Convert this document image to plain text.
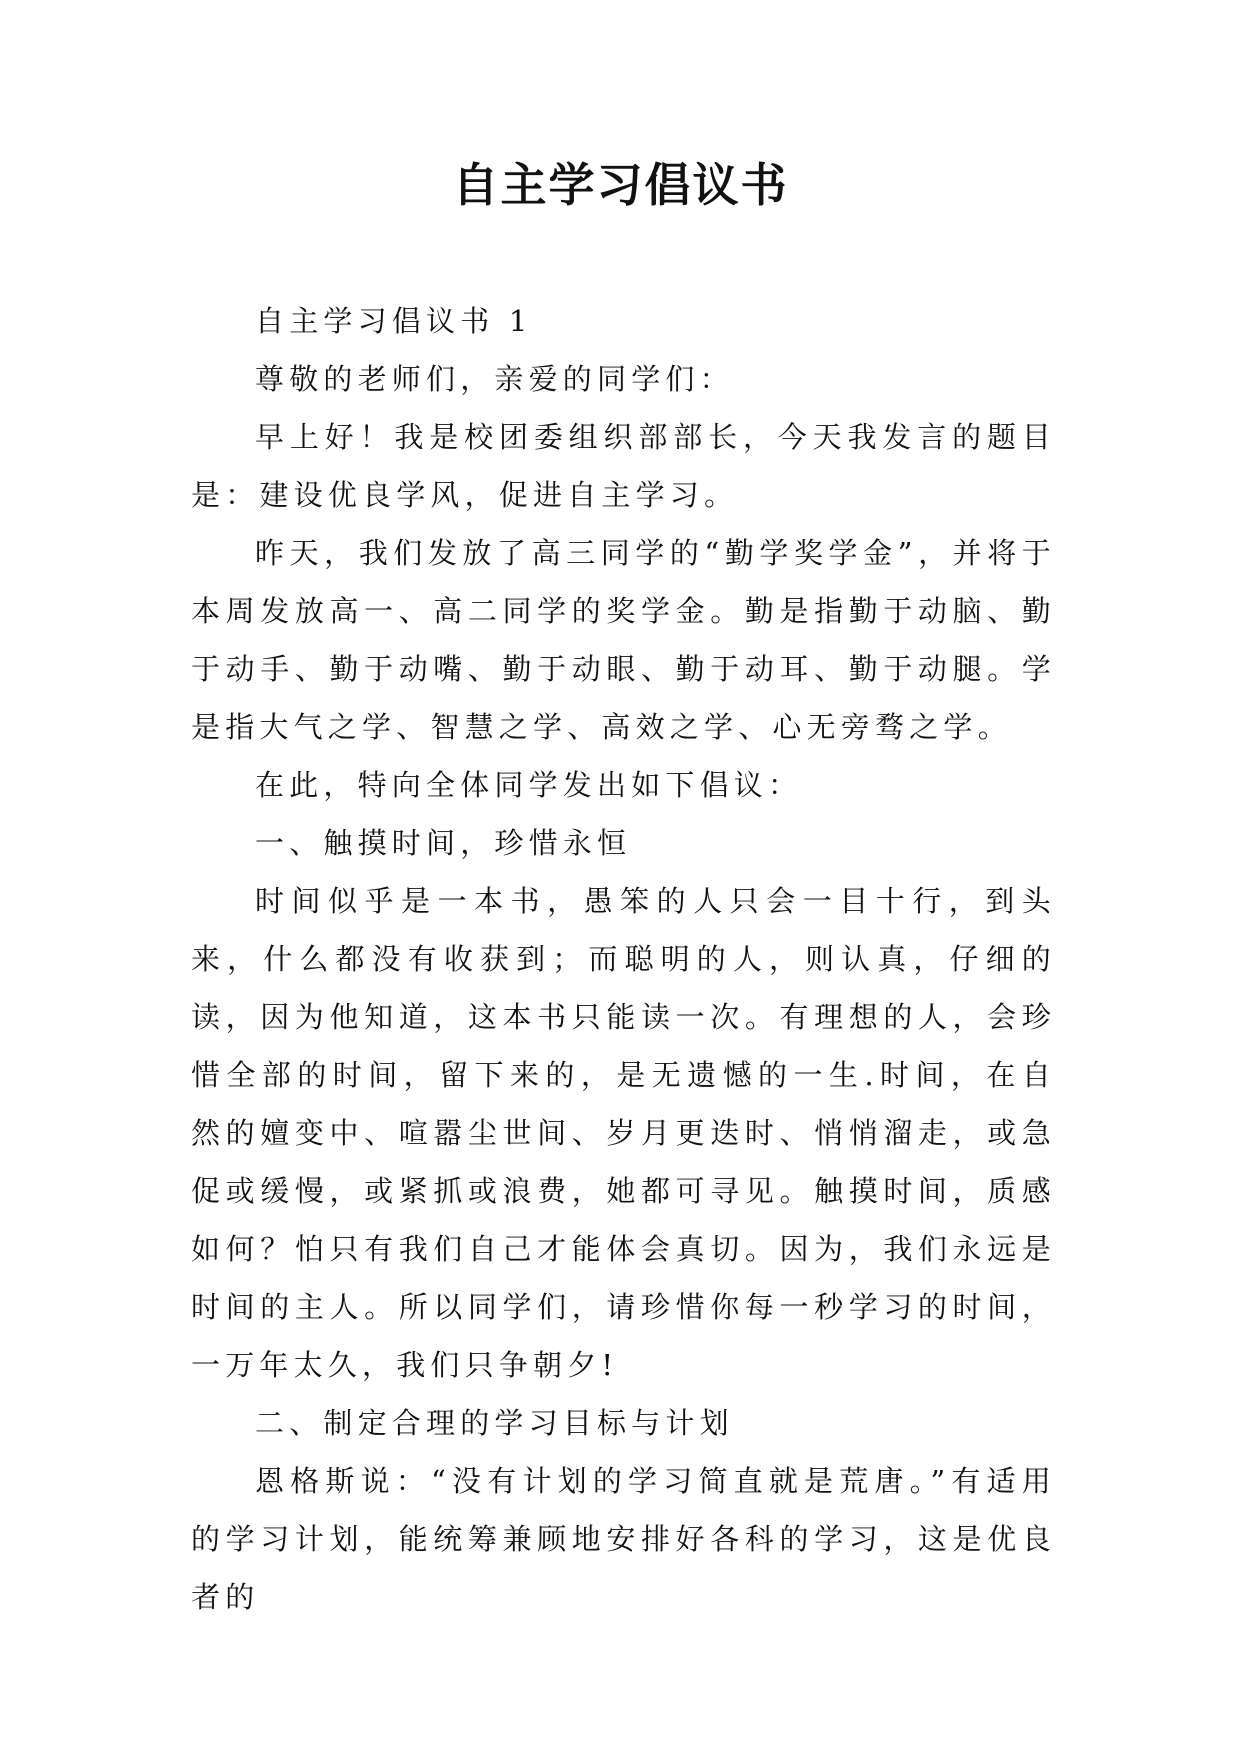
自主学习倡议书

自主学习倡议书 1

尊敬的老师们，亲爱的同学们：

早上好！我是校团委组织部部长，今天我发言的题目是：建设优良学风，促进自主学习。

昨天，我们发放了高三同学的“勤学奖学金”，并将于本周发放高一、高二同学的奖学金。勤是指勤于动脑、勤于动手、勤于动嘴、勤于动眼、勤于动耳、勤于动腿。学是指大气之学、智慧之学、高效之学、心无旁骛之学。

在此，特向全体同学发出如下倡议：

一、触摸时间，珍惜永恒

时间似乎是一本书，愚笨的人只会一目十行，到头来，什么都没有收获到；而聪明的人，则认真，仔细的读，因为他知道，这本书只能读一次。有理想的人，会珍惜全部的时间，留下来的，是无遗憾的一生.时间，在自然的嬗变中、喧嚣尘世间、岁月更迭时、悄悄溜走，或急促或缓慢，或紧抓或浪费，她都可寻见。触摸时间，质感如何？怕只有我们自己才能体会真切。因为，我们永远是时间的主人。所以同学们，请珍惜你每一秒学习的时间，一万年太久，我们只争朝夕!

二、制定合理的学习目标与计划

恩格斯说：“没有计划的学习简直就是荒唐。”有适用的学习计划，能统筹兼顾地安排好各科的学习，这是优良者的
